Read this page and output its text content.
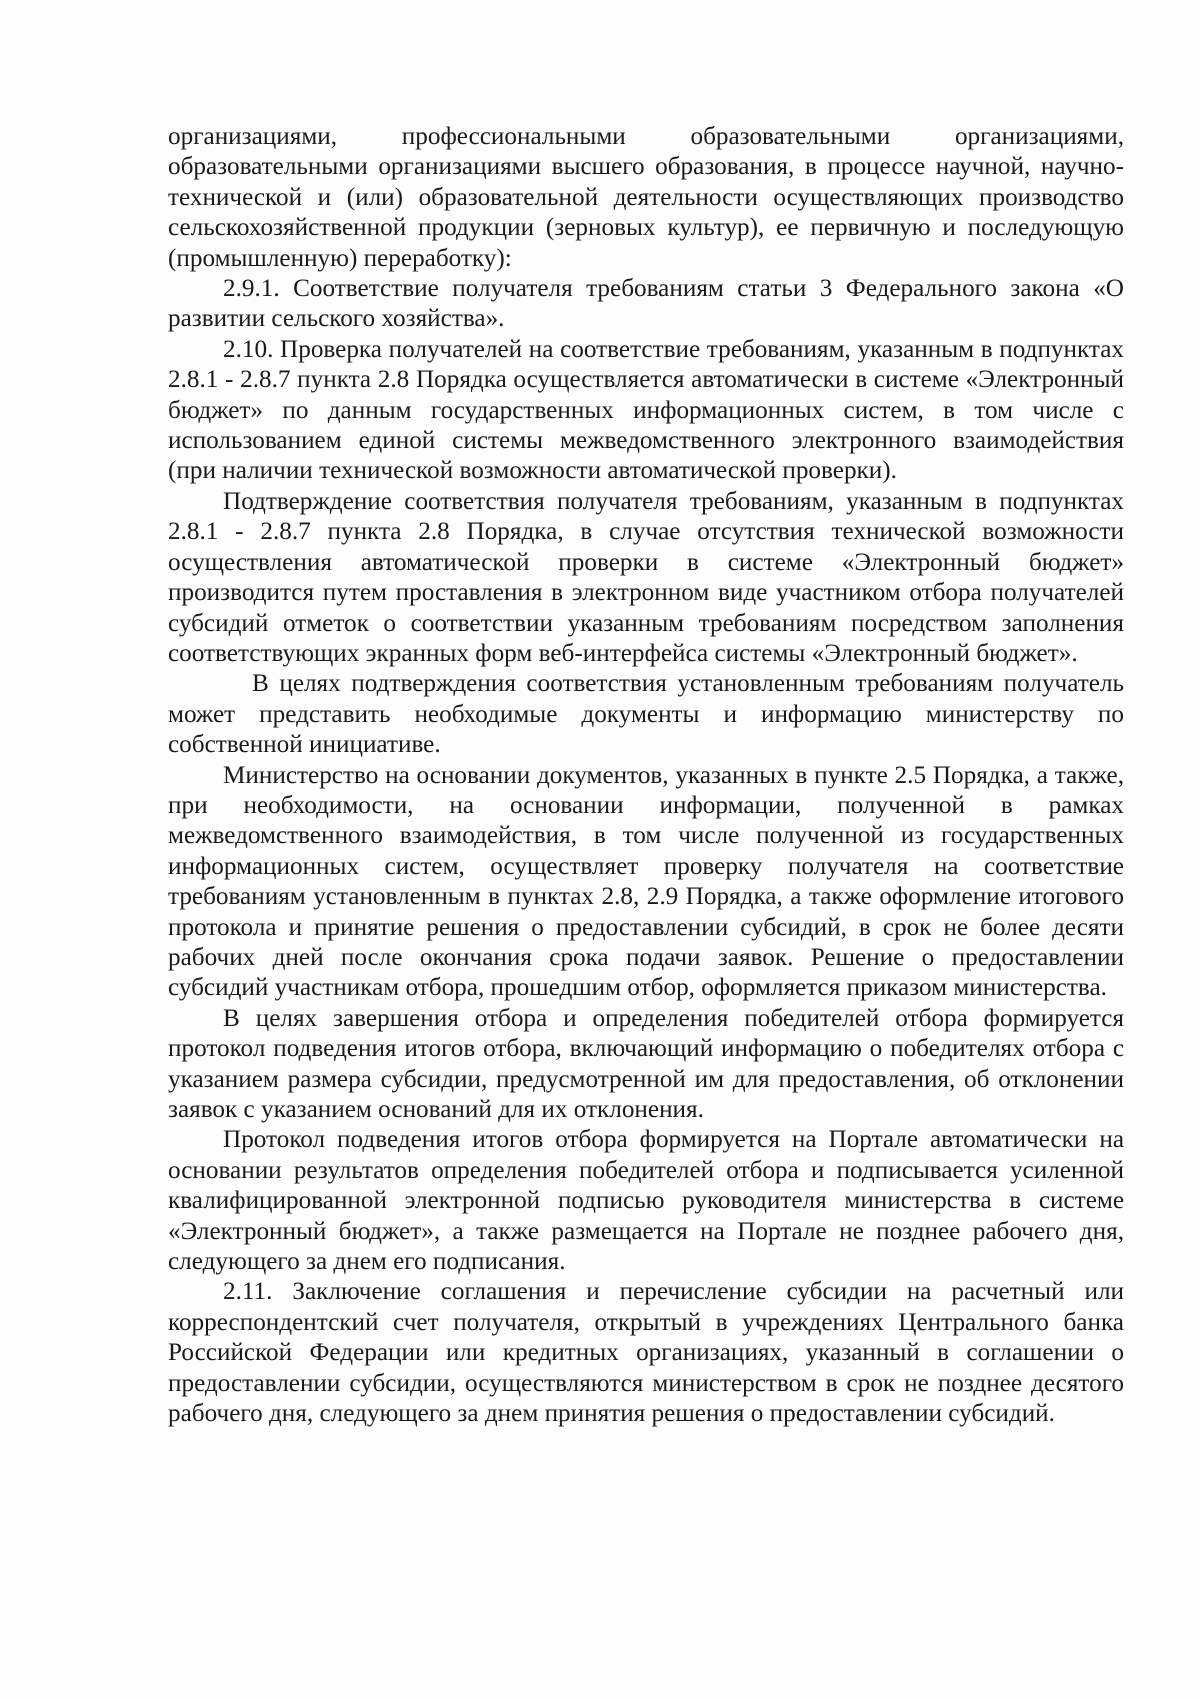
организациями, профессиональными образовательными организациями, образовательными организациями высшего образования, в процессе научной, научно-технической и (или) образовательной деятельности осуществляющих производство сельскохозяйственной продукции (зерновых культур), ее первичную и последующую (промышленную) переработку):

2.9.1. Соответствие получателя требованиям статьи 3 Федерального закона «О развитии сельского хозяйства».

2.10. Проверка получателей на соответствие требованиям, указанным в подпунктах 2.8.1 - 2.8.7 пункта 2.8 Порядка осуществляется автоматически в системе «Электронный бюджет» по данным государственных информационных систем, в том числе с использованием единой системы межведомственного электронного взаимодействия (при наличии технической возможности автоматической проверки).

Подтверждение соответствия получателя требованиям, указанным в подпунктах 2.8.1 - 2.8.7 пункта 2.8 Порядка, в случае отсутствия технической возможности осуществления автоматической проверки в системе «Электронный бюджет» производится путем проставления в электронном виде участником отбора получателей субсидий отметок о соответствии указанным требованиям посредством заполнения соответствующих экранных форм веб-интерфейса системы «Электронный бюджет».

В целях подтверждения соответствия установленным требованиям получатель может представить необходимые документы и информацию министерству по собственной инициативе.

Министерство на основании документов, указанных в пункте 2.5 Порядка, а также, при необходимости, на основании информации, полученной в рамках межведомственного взаимодействия, в том числе полученной из государственных информационных систем, осуществляет проверку получателя на соответствие требованиям установленным в пунктах 2.8, 2.9 Порядка, а также оформление итогового протокола и принятие решения о предоставлении субсидий, в срок не более десяти рабочих дней после окончания срока подачи заявок. Решение о предоставлении субсидий участникам отбора, прошедшим отбор, оформляется приказом министерства.

В целях завершения отбора и определения победителей отбора формируется протокол подведения итогов отбора, включающий информацию о победителях отбора с указанием размера субсидии, предусмотренной им для предоставления, об отклонении заявок с указанием оснований для их отклонения.

Протокол подведения итогов отбора формируется на Портале автоматически на основании результатов определения победителей отбора и подписывается усиленной квалифицированной электронной подписью руководителя министерства в системе «Электронный бюджет», а также размещается на Портале не позднее рабочего дня, следующего за днем его подписания.

2.11. Заключение соглашения и перечисление субсидии на расчетный или корреспондентский счет получателя, открытый в учреждениях Центрального банка Российской Федерации или кредитных организациях, указанный в соглашении о предоставлении субсидии, осуществляются министерством в срок не позднее десятого рабочего дня, следующего за днем принятия решения о предоставлении субсидий.
